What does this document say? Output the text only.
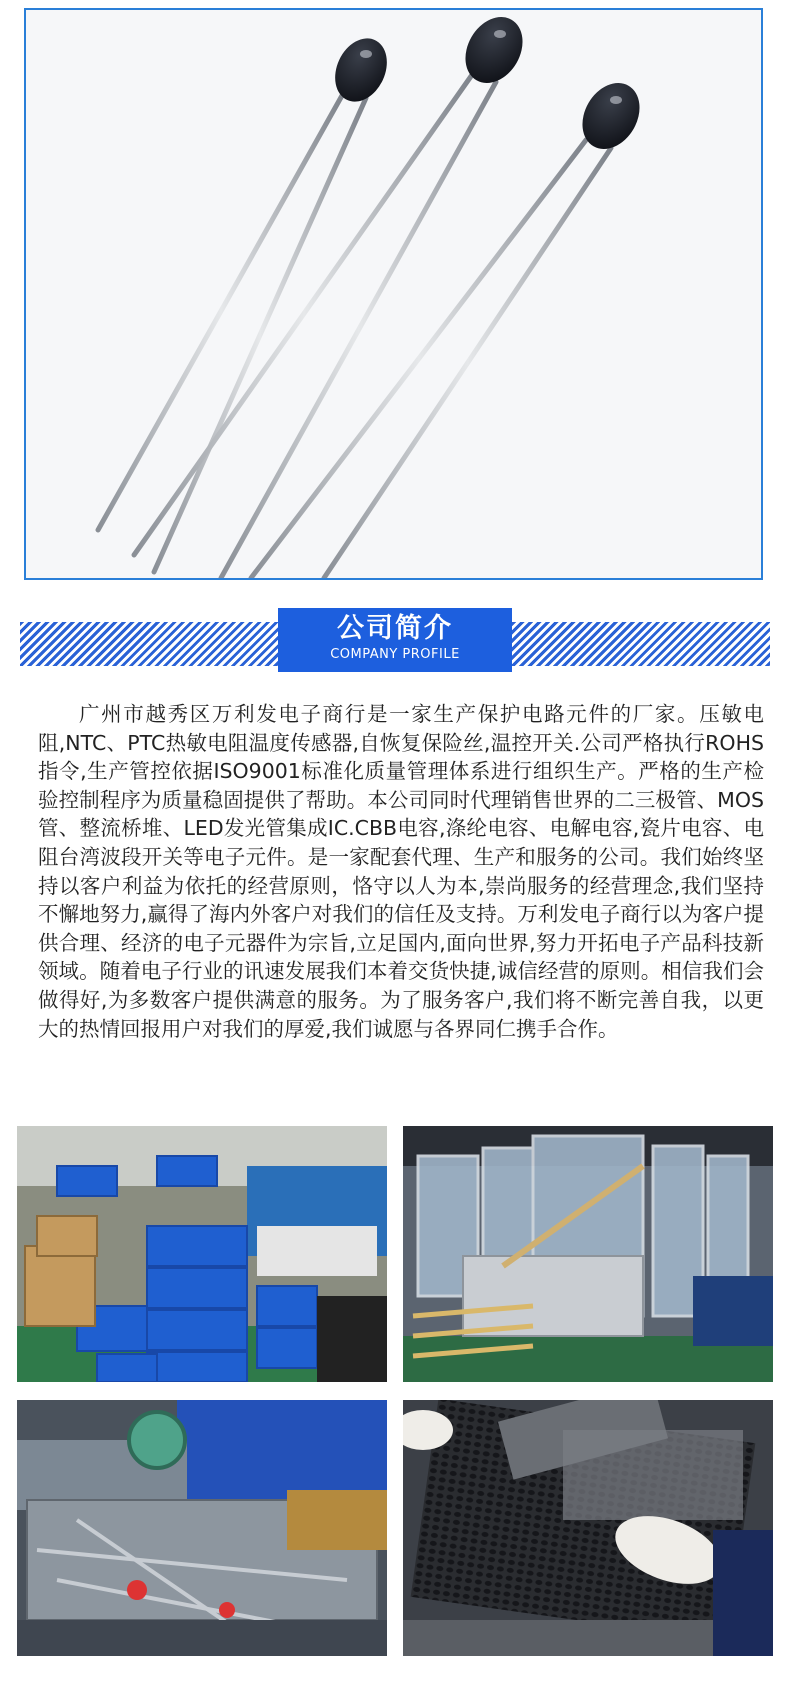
公司简介
COMPANY PROFILE

广州市越秀区万利发电子商行是一家生产保护电路元件的厂家。压敏电阻,NTC、PTC热敏电阻温度传感器,自恢复保险丝,温控开关.公司严格执行ROHS指令,生产管控依据ISO9001标准化质量管理体系进行组织生产。严格的生产检验控制程序为质量稳固提供了帮助。本公司同时代理销售世界的二三极管、MOS管、整流桥堆、LED发光管集成IC.CBB电容,涤纶电容、电解电容,瓷片电容、电阻台湾波段开关等电子元件。是一家配套代理、生产和服务的公司。我们始终坚持以客户利益为依托的经营原则，恪守以人为本,崇尚服务的经营理念,我们坚持不懈地努力,赢得了海内外客户对我们的信任及支持。万利发电子商行以为客户提供合理、经济的电子元器件为宗旨,立足国内,面向世界,努力开拓电子产品科技新领域。随着电子行业的讯速发展我们本着交货快捷,诚信经营的原则。相信我们会做得好,为多数客户提供满意的服务。为了服务客户,我们将不断完善自我，以更大的热情回报用户对我们的厚爱,我们诚愿与各界同仁携手合作。
